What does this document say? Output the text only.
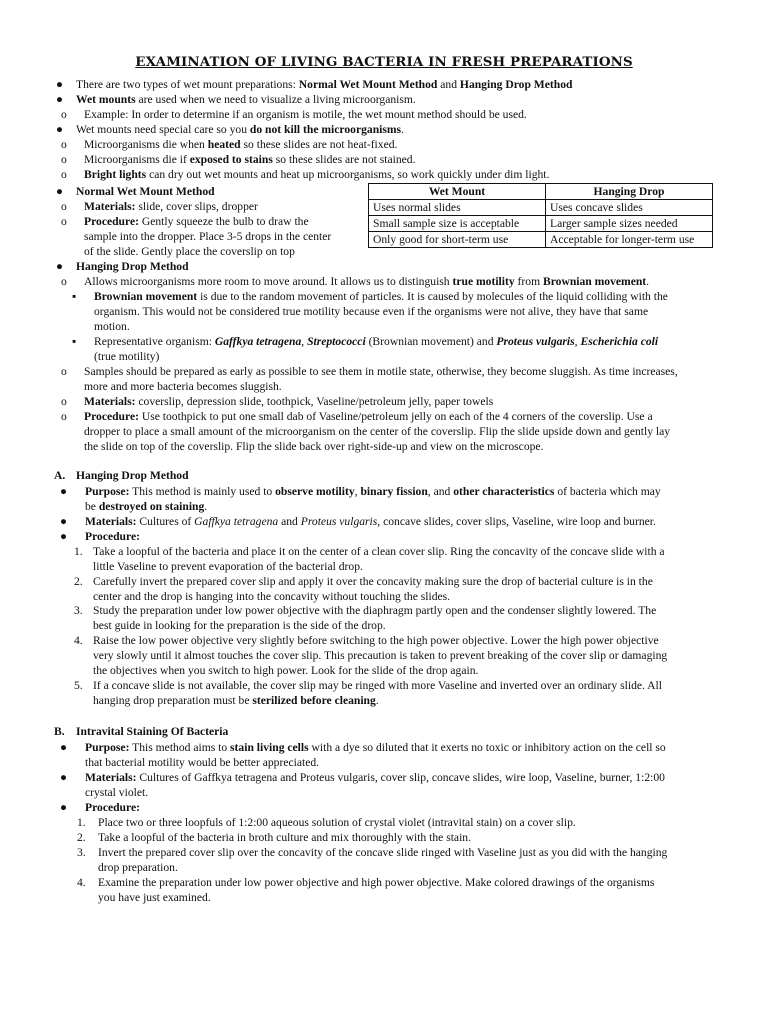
EXAMINATION OF LIVING BACTERIA IN FRESH PREPARATIONS
● There are two types of wet mount preparations: Normal Wet Mount Method and Hanging Drop Method
● Wet mounts are used when we need to visualize a living microorganism.
o Example: In order to determine if an organism is motile, the wet mount method should be used.
● Wet mounts need special care so you do not kill the microorganisms.
o Microorganisms die when heated so these slides are not heat-fixed.
o Microorganisms die if exposed to stains so these slides are not stained.
o Bright lights can dry out wet mounts and heat up microorganisms, so work quickly under dim light.
● Normal Wet Mount Method
o Materials: slide, cover slips, dropper
o Procedure: Gently squeeze the bulb to draw the
sample into the dropper. Place 3-5 drops in the center
of the slide. Gently place the coverslip on top
Wet Mount	Hanging Drop
Uses normal slides	Uses concave slides
Small sample size is acceptable	Larger sample sizes needed
Only good for short-term use	Acceptable for longer-term use
● Hanging Drop Method
o Allows microorganisms more room to move around. It allows us to distinguish true motility from Brownian movement.
▪ Brownian movement is due to the random movement of particles. It is caused by molecules of the liquid colliding with the
organism. This would not be considered true motility because even if the organisms were not alive, they have that same
motion.
▪ Representative organism: Gaffkya tetragena, Streptococci (Brownian movement) and Proteus vulgaris, Escherichia coli
(true motility)
o Samples should be prepared as early as possible to see them in motile state, otherwise, they become sluggish. As time increases,
more and more bacteria becomes sluggish.
o Materials: coverslip, depression slide, toothpick, Vaseline/petroleum jelly, paper towels
o Procedure: Use toothpick to put one small dab of Vaseline/petroleum jelly on each of the 4 corners of the coverslip. Use a
dropper to place a small amount of the microorganism on the center of the coverslip. Flip the slide upside down and gently lay
the slide on top of the coverslip. Flip the slide back over right-side-up and view on the microscope.
A. Hanging Drop Method
● Purpose: This method is mainly used to observe motility, binary fission, and other characteristics of bacteria which may
be destroyed on staining.
● Materials: Cultures of Gaffkya tetragena and Proteus vulgaris, concave slides, cover slips, Vaseline, wire loop and burner.
● Procedure:
1. Take a loopful of the bacteria and place it on the center of a clean cover slip. Ring the concavity of the concave slide with a
little Vaseline to prevent evaporation of the bacterial drop.
2. Carefully invert the prepared cover slip and apply it over the concavity making sure the drop of bacterial culture is in the
center and the drop is hanging into the concavity without touching the slides.
3. Study the preparation under low power objective with the diaphragm partly open and the condenser slightly lowered. The
best guide in looking for the preparation is the side of the drop.
4. Raise the low power objective very slightly before switching to the high power objective. Lower the high power objective
very slowly until it almost touches the cover slip. This precaution is taken to prevent breaking of the cover slip or damaging
the objectives when you switch to high power. Look for the slide of the drop again.
5. If a concave slide is not available, the cover slip may be ringed with more Vaseline and inverted over an ordinary slide. All
hanging drop preparation must be sterilized before cleaning.
B. Intravital Staining Of Bacteria
● Purpose: This method aims to stain living cells with a dye so diluted that it exerts no toxic or inhibitory action on the cell so
that bacterial motility would be better appreciated.
● Materials: Cultures of Gaffkya tetragena and Proteus vulgaris, cover slip, concave slides, wire loop, Vaseline, burner, 1:2:00
crystal violet.
● Procedure:
1. Place two or three loopfuls of 1:2:00 aqueous solution of crystal violet (intravital stain) on a cover slip.
2. Take a loopful of the bacteria in broth culture and mix thoroughly with the stain.
3. Invert the prepared cover slip over the concavity of the concave slide ringed with Vaseline just as you did with the hanging
drop preparation.
4. Examine the preparation under low power objective and high power objective. Make colored drawings of the organisms
you have just examined.
